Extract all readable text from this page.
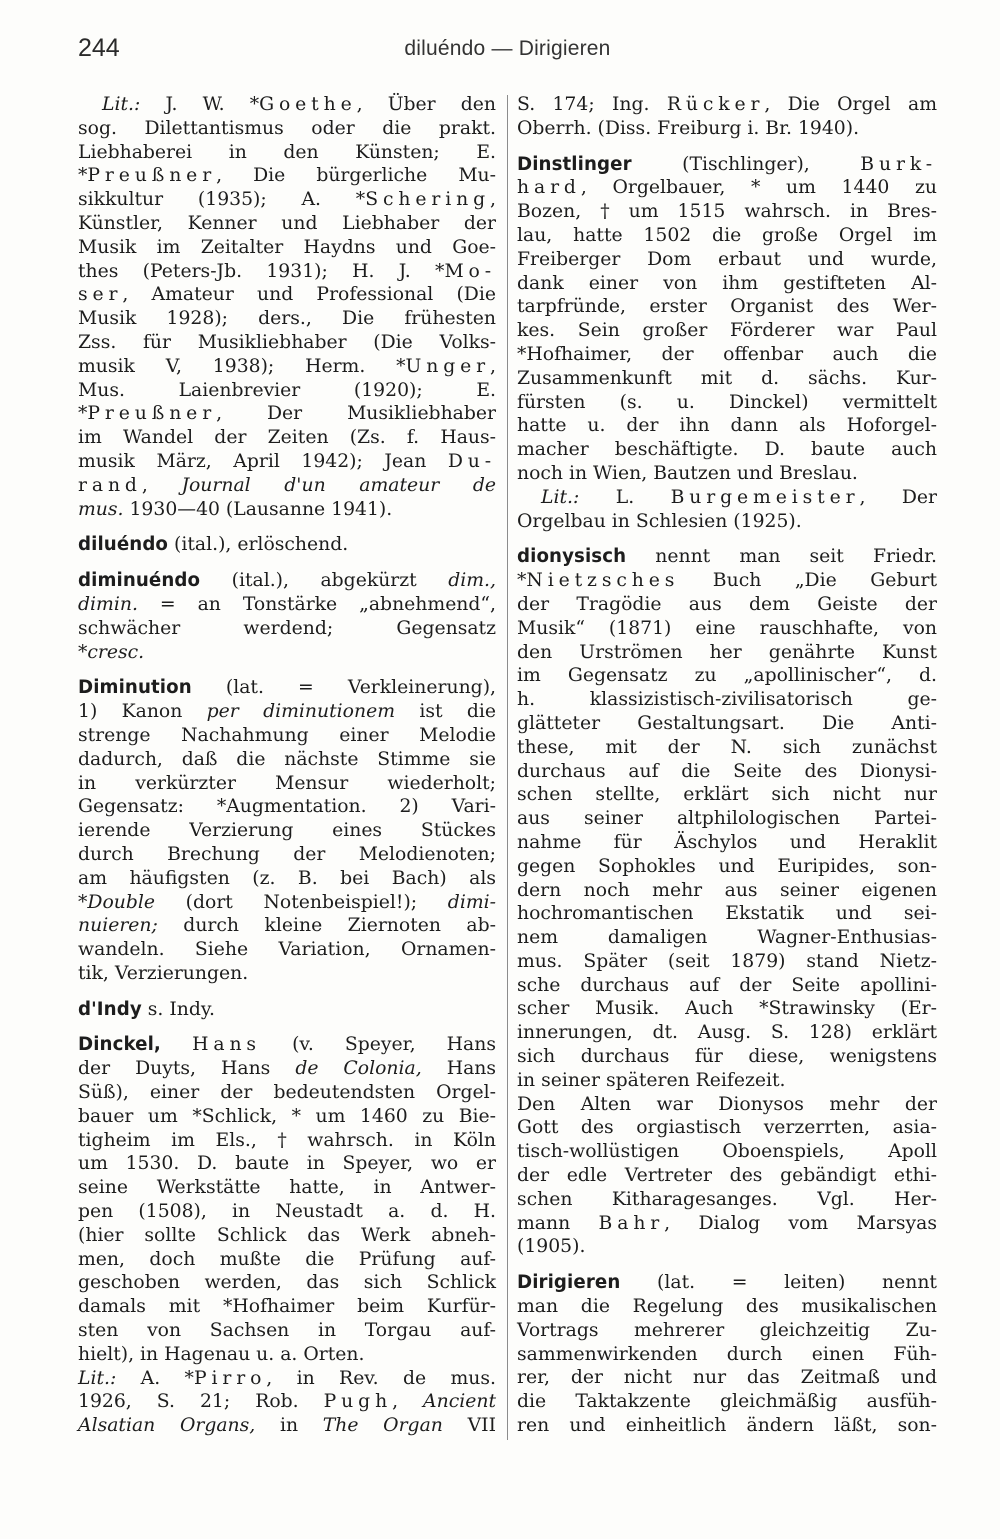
244	diluéndo — Dirigieren
Lit.: J. W. *Goethe, Über den
sog. Dilettantismus oder die prakt.
Liebhaberei in den Künsten; E.
*Preußner, Die bürgerliche Mu-
sikkultur (1935); A. *Schering,
Künstler, Kenner und Liebhaber der
Musik im Zeitalter Haydns und Goe-
thes (Peters-Jb. 1931); H. J. *Mo-
ser, Amateur und Professional (Die
Musik 1928); ders., Die frühesten
Zss. für Musikliebhaber (Die Volks-
musik V, 1938); Herm. *Unger,
Mus. Laienbrevier (1920); E.
*Preußner, Der Musikliebhaber
im Wandel der Zeiten (Zs. f. Haus-
musik März, April 1942); Jean Du-
rand, Journal d'un amateur de
mus. 1930—40 (Lausanne 1941).
diluéndo (ital.), erlöschend.
diminuéndo (ital.), abgekürzt dim.,
dimin. = an Tonstärke „abnehmend“,
schwächer werdend; Gegensatz
*cresc.
Diminution (lat. = Verkleinerung),
1) Kanon per diminutionem ist die
strenge Nachahmung einer Melodie
dadurch, daß die nächste Stimme sie
in verkürzter Mensur wiederholt;
Gegensatz: *Augmentation. 2) Vari-
ierende Verzierung eines Stückes
durch Brechung der Melodienoten;
am häufigsten (z. B. bei Bach) als
*Double (dort Notenbeispiel!); dimi-
nuieren; durch kleine Ziernoten ab-
wandeln. Siehe Variation, Ornamen-
tik, Verzierungen.
d'Indy s. Indy.
Dinckel, Hans (v. Speyer, Hans
der Duyts, Hans de Colonia, Hans
Süß), einer der bedeutendsten Orgel-
bauer um *Schlick, * um 1460 zu Bie-
tigheim im Els., † wahrsch. in Köln
um 1530. D. baute in Speyer, wo er
seine Werkstätte hatte, in Antwer-
pen (1508), in Neustadt a. d. H.
(hier sollte Schlick das Werk abneh-
men, doch mußte die Prüfung auf-
geschoben werden, das sich Schlick
damals mit *Hofhaimer beim Kurfür-
sten von Sachsen in Torgau auf-
hielt), in Hagenau u. a. Orten.
Lit.: A. *Pirro, in Rev. de mus.
1926, S. 21; Rob. Pugh, Ancient
Alsatian Organs, in The Organ VII
S. 174; Ing. Rücker, Die Orgel am
Oberrh. (Diss. Freiburg i. Br. 1940).
Dinstlinger (Tischlinger), Burk-
hard, Orgelbauer, * um 1440 zu
Bozen, † um 1515 wahrsch. in Bres-
lau, hatte 1502 die große Orgel im
Freiberger Dom erbaut und wurde,
dank einer von ihm gestifteten Al-
tarpfründe, erster Organist des Wer-
kes. Sein großer Förderer war Paul
*Hofhaimer, der offenbar auch die
Zusammenkunft mit d. sächs. Kur-
fürsten (s. u. Dinckel) vermittelt
hatte u. der ihn dann als Hoforgel-
macher beschäftigte. D. baute auch
noch in Wien, Bautzen und Breslau.
Lit.: L. Burgemeister, Der
Orgelbau in Schlesien (1925).
dionysisch nennt man seit Friedr.
*Nietzsches Buch „Die Geburt
der Tragödie aus dem Geiste der
Musik“ (1871) eine rauschhafte, von
den Urströmen her genährte Kunst
im Gegensatz zu „apollinischer“, d.
h. klassizistisch-zivilisatorisch ge-
glätteter Gestaltungsart. Die Anti-
these, mit der N. sich zunächst
durchaus auf die Seite des Dionysi-
schen stellte, erklärt sich nicht nur
aus seiner altphilologischen Partei-
nahme für Äschylos und Heraklit
gegen Sophokles und Euripides, son-
dern noch mehr aus seiner eigenen
hochromantischen Ekstatik und sei-
nem damaligen Wagner-Enthusias-
mus. Später (seit 1879) stand Nietz-
sche durchaus auf der Seite apollini-
scher Musik. Auch *Strawinsky (Er-
innerungen, dt. Ausg. S. 128) erklärt
sich durchaus für diese, wenigstens
in seiner späteren Reifezeit.
Den Alten war Dionysos mehr der
Gott des orgiastisch verzerrten, asia-
tisch-wollüstigen Oboenspiels, Apoll
der edle Vertreter des gebändigt ethi-
schen Kitharagesanges. Vgl. Her-
mann Bahr, Dialog vom Marsyas
(1905).
Dirigieren (lat. = leiten) nennt
man die Regelung des musikalischen
Vortrags mehrerer gleichzeitig Zu-
sammenwirkenden durch einen Füh-
rer, der nicht nur das Zeitmaß und
die Taktakzente gleichmäßig ausfüh-
ren und einheitlich ändern läßt, son-
